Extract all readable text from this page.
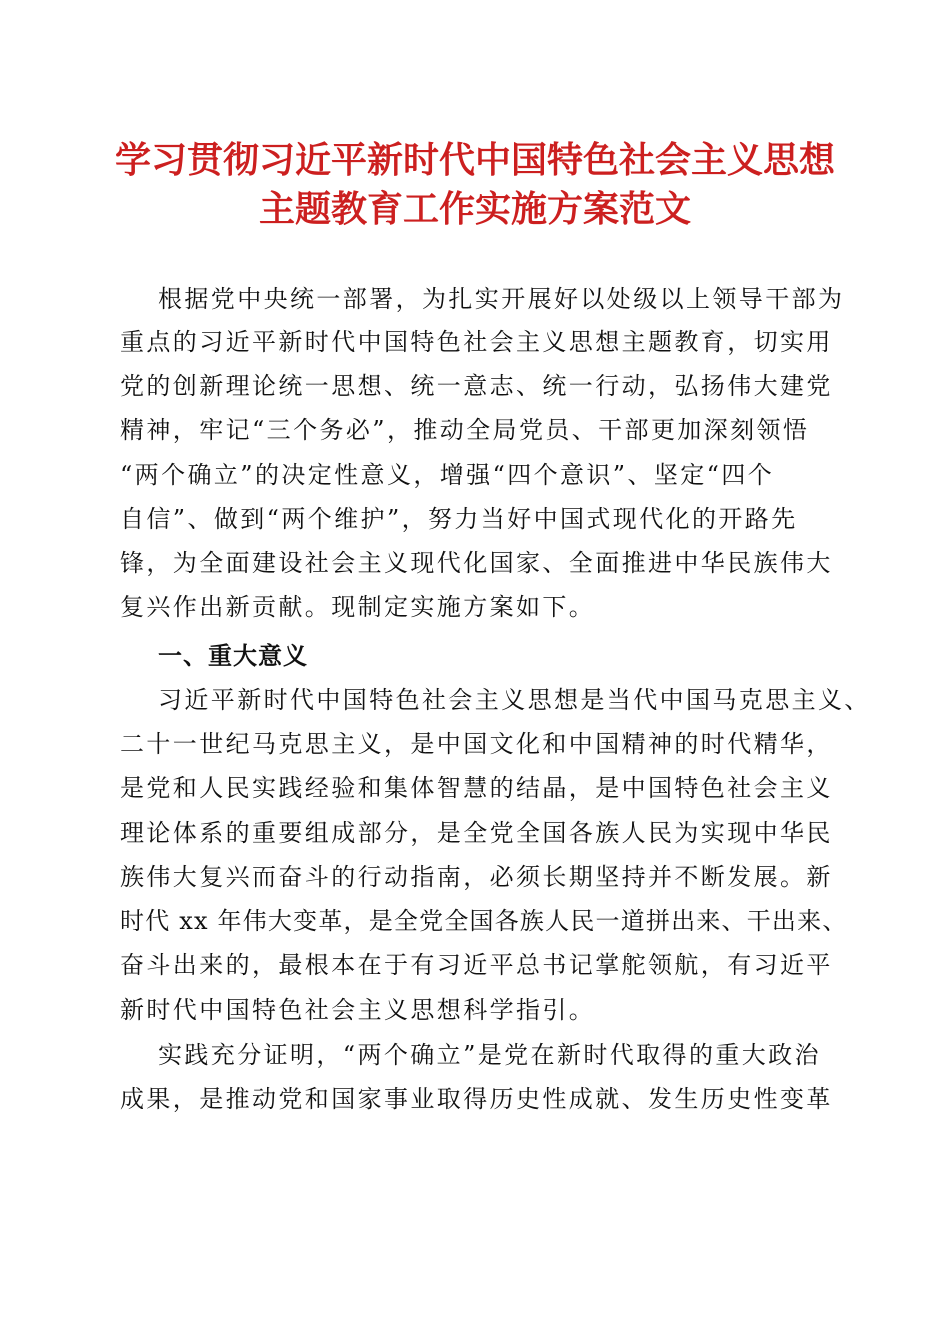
学习贯彻习近平新时代中国特色社会主义思想
主题教育工作实施方案范文
根据党中央统一部署，为扎实开展好以处级以上领导干部为
重点的习近平新时代中国特色社会主义思想主题教育，切实用
党的创新理论统一思想、统一意志、统一行动，弘扬伟大建党
精神，牢记“三个务必”，推动全局党员、干部更加深刻领悟
“两个确立”的决定性意义，增强“四个意识”、坚定“四个
自信”、做到“两个维护”，努力当好中国式现代化的开路先
锋，为全面建设社会主义现代化国家、全面推进中华民族伟大
复兴作出新贡献。现制定实施方案如下。
一、重大意义
习近平新时代中国特色社会主义思想是当代中国马克思主义、
二十一世纪马克思主义，是中国文化和中国精神的时代精华，
是党和人民实践经验和集体智慧的结晶，是中国特色社会主义
理论体系的重要组成部分，是全党全国各族人民为实现中华民
族伟大复兴而奋斗的行动指南，必须长期坚持并不断发展。新
时代 xx 年伟大变革，是全党全国各族人民一道拼出来、干出来、
奋斗出来的，最根本在于有习近平总书记掌舵领航，有习近平
新时代中国特色社会主义思想科学指引。
实践充分证明，“两个确立”是党在新时代取得的重大政治
成果，是推动党和国家事业取得历史性成就、发生历史性变革
